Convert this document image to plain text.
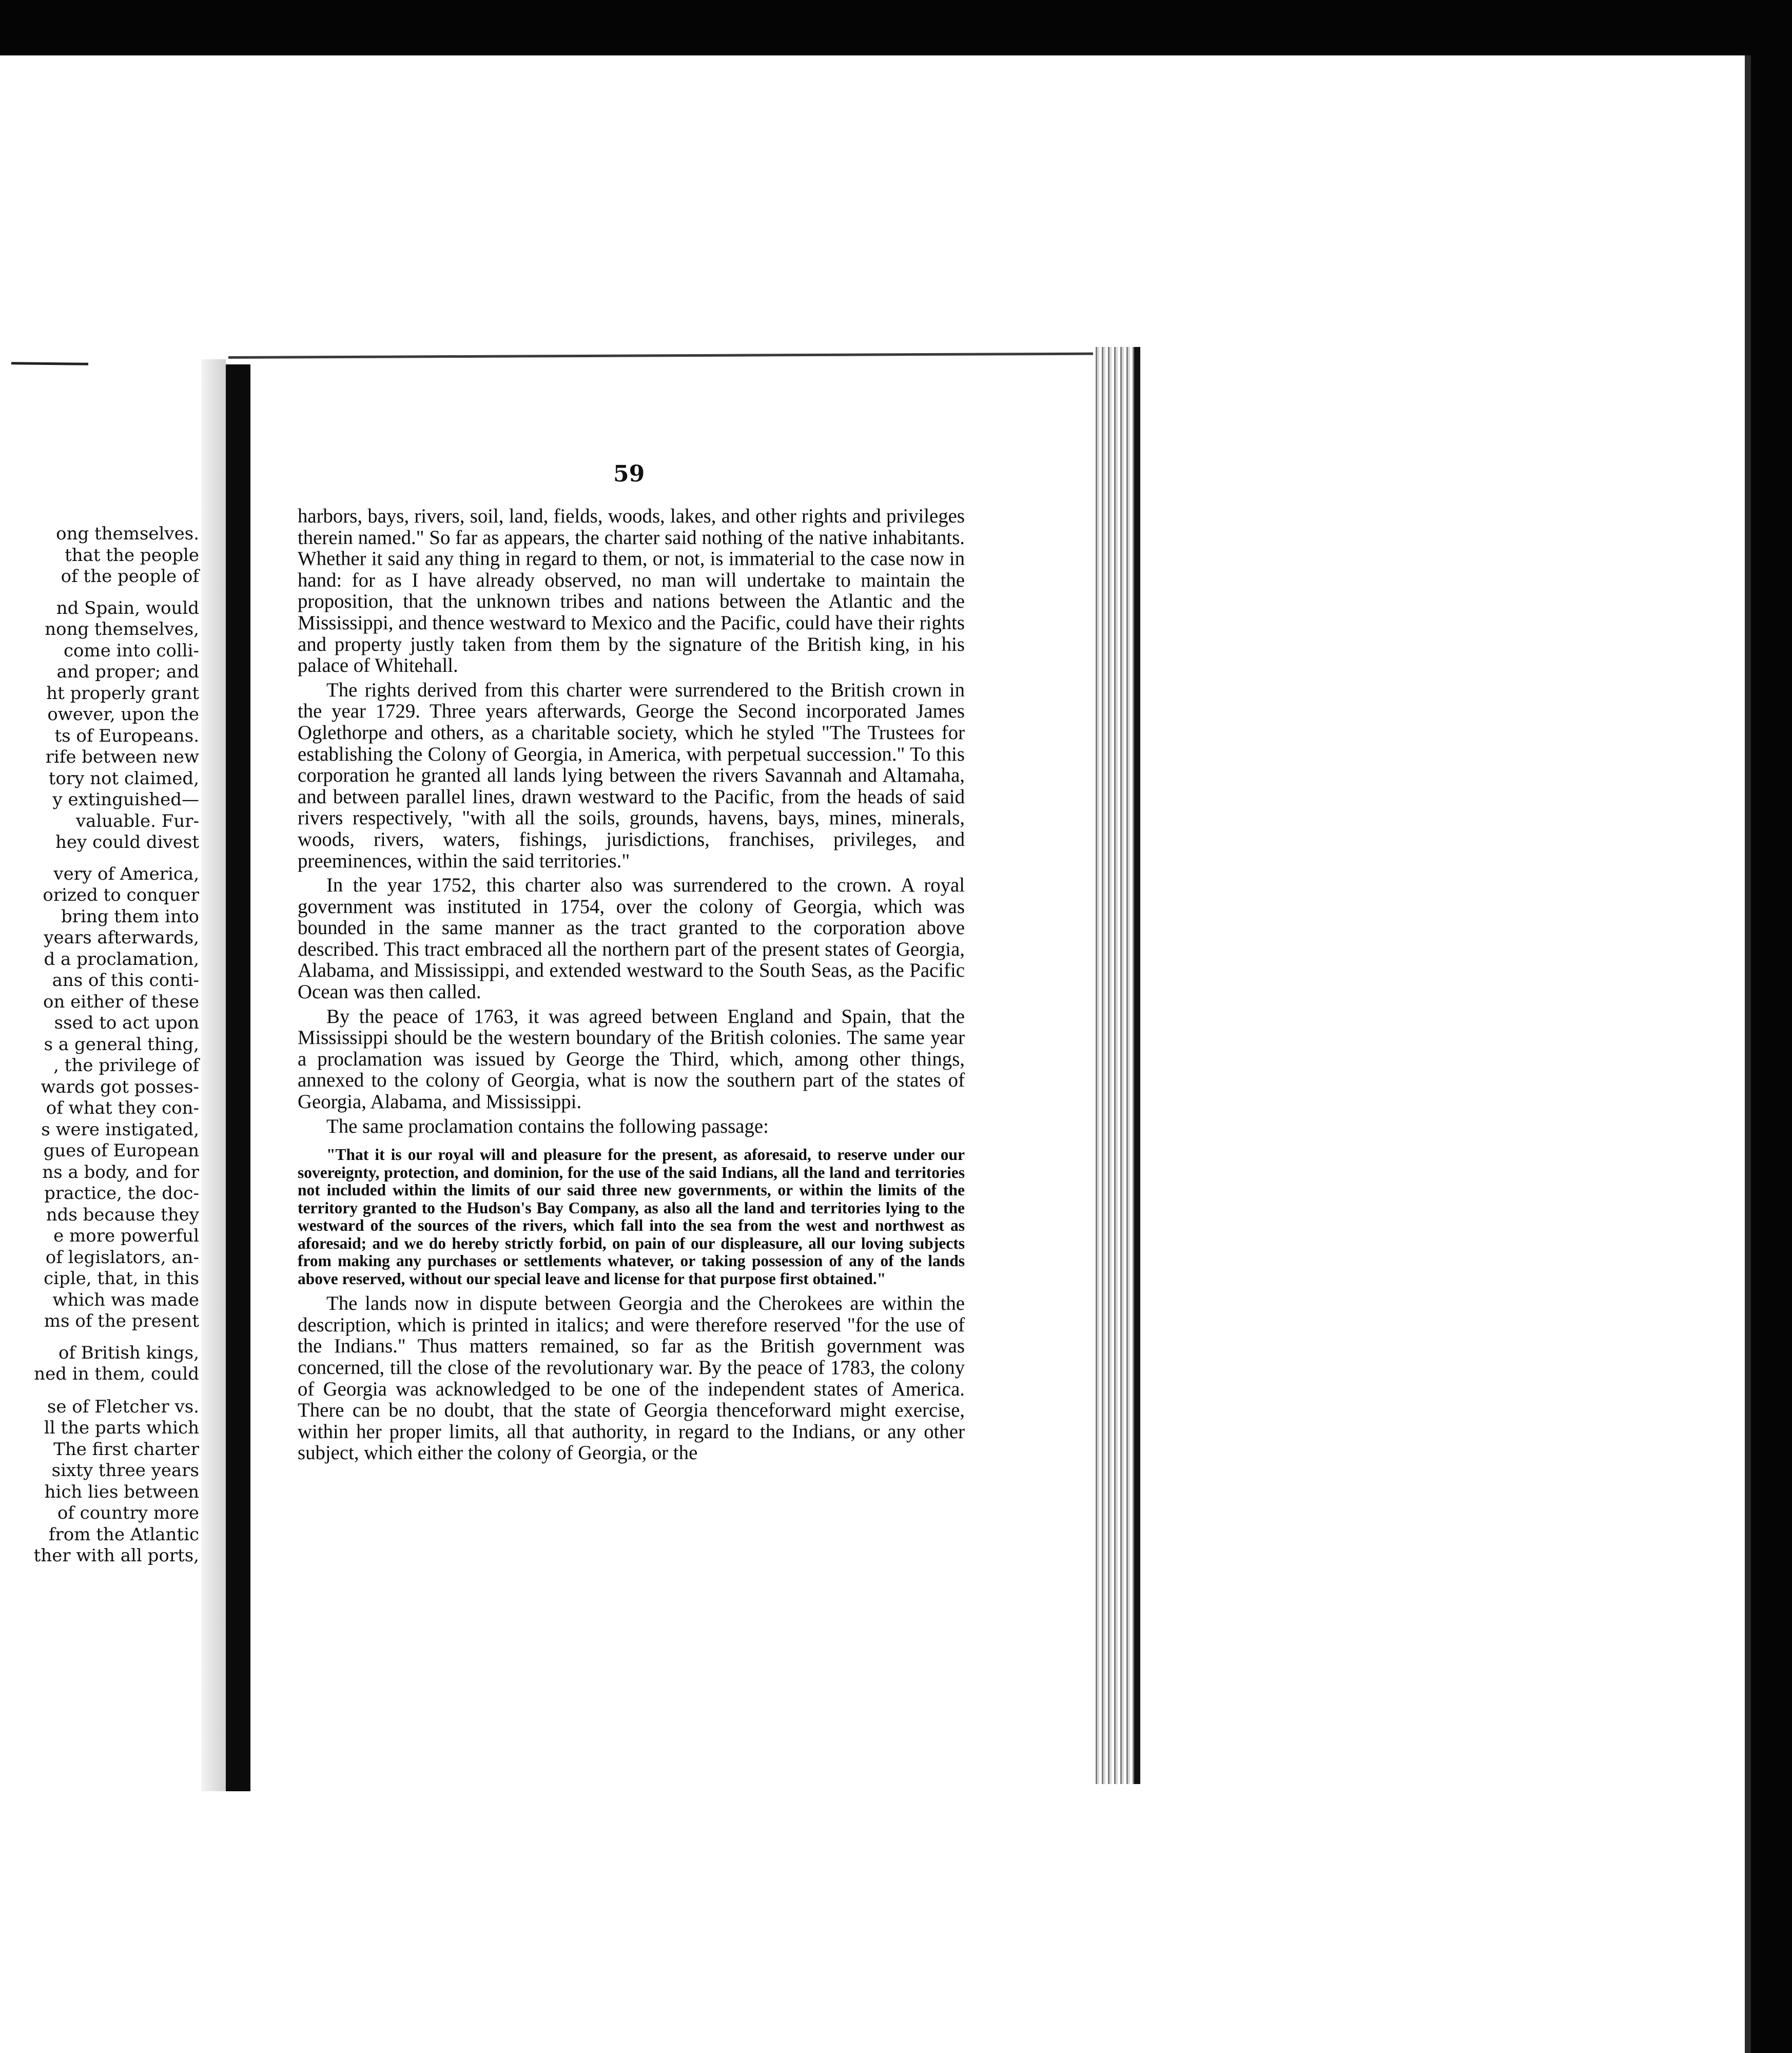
ong themselves.
that the people
of the people of
nd Spain, would
nong themselves,
come into colli-
and proper; and
ht properly grant
owever, upon the
ts of Europeans.
rife between new
tory not claimed,
y extinguished—
valuable. Fur-
hey could divest
very of America,
orized to conquer
bring them into
years afterwards,
d a proclamation,
ans of this conti-
on either of these
ssed to act upon
s a general thing,
, the privilege of
wards got posses-
of what they con-
s were instigated,
gues of European
ns a body, and for
practice, the doc-
nds because they
e more powerful
of legislators, an-
ciple, that, in this
which was made
ms of the present
of British kings,
ned in them, could
se of Fletcher vs.
ll the parts which
The first charter
sixty three years
hich lies between
of country more
from the Atlantic
ther with all ports,
59

harbors, bays, rivers, soil, land, fields, woods, lakes, and other rights and privileges therein named." So far as appears, the charter said nothing of the native inhabitants. Whether it said any thing in regard to them, or not, is immaterial to the case now in hand: for as I have already observed, no man will undertake to maintain the proposition, that the unknown tribes and nations between the Atlantic and the Mississippi, and thence westward to Mexico and the Pacific, could have their rights and property justly taken from them by the signature of the British king, in his palace of Whitehall.

The rights derived from this charter were surrendered to the British crown in the year 1729. Three years afterwards, George the Second incorporated James Oglethorpe and others, as a charitable society, which he styled "The Trustees for establishing the Colony of Georgia, in America, with perpetual succession." To this corporation he granted all lands lying between the rivers Savannah and Altamaha, and between parallel lines, drawn westward to the Pacific, from the heads of said rivers respectively, "with all the soils, grounds, havens, bays, mines, minerals, woods, rivers, waters, fishings, jurisdictions, franchises, privileges, and preeminences, within the said territories."

In the year 1752, this charter also was surrendered to the crown. A royal government was instituted in 1754, over the colony of Georgia, which was bounded in the same manner as the tract granted to the corporation above described. This tract embraced all the northern part of the present states of Georgia, Alabama, and Mississippi, and extended westward to the South Seas, as the Pacific Ocean was then called.

By the peace of 1763, it was agreed between England and Spain, that the Mississippi should be the western boundary of the British colonies. The same year a proclamation was issued by George the Third, which, among other things, annexed to the colony of Georgia, what is now the southern part of the states of Georgia, Alabama, and Mississippi.

The same proclamation contains the following passage:

"That it is our royal will and pleasure for the present, as aforesaid, to reserve under our sovereignty, protection, and dominion, for the use of the said Indians, all the land and territories not included within the limits of our said three new governments, or within the limits of the territory granted to the Hudson's Bay Company, as also all the land and territories lying to the westward of the sources of the rivers, which fall into the sea from the west and northwest as aforesaid; and we do hereby strictly forbid, on pain of our displeasure, all our loving subjects from making any purchases or settlements whatever, or taking possession of any of the lands above reserved, without our special leave and license for that purpose first obtained."

The lands now in dispute between Georgia and the Cherokees are within the description, which is printed in italics; and were therefore reserved "for the use of the Indians." Thus matters remained, so far as the British government was concerned, till the close of the revolutionary war. By the peace of 1783, the colony of Georgia was acknowledged to be one of the independent states of America. There can be no doubt, that the state of Georgia thenceforward might exercise, within her proper limits, all that authority, in regard to the Indians, or any other subject, which either the colony of Georgia, or the
